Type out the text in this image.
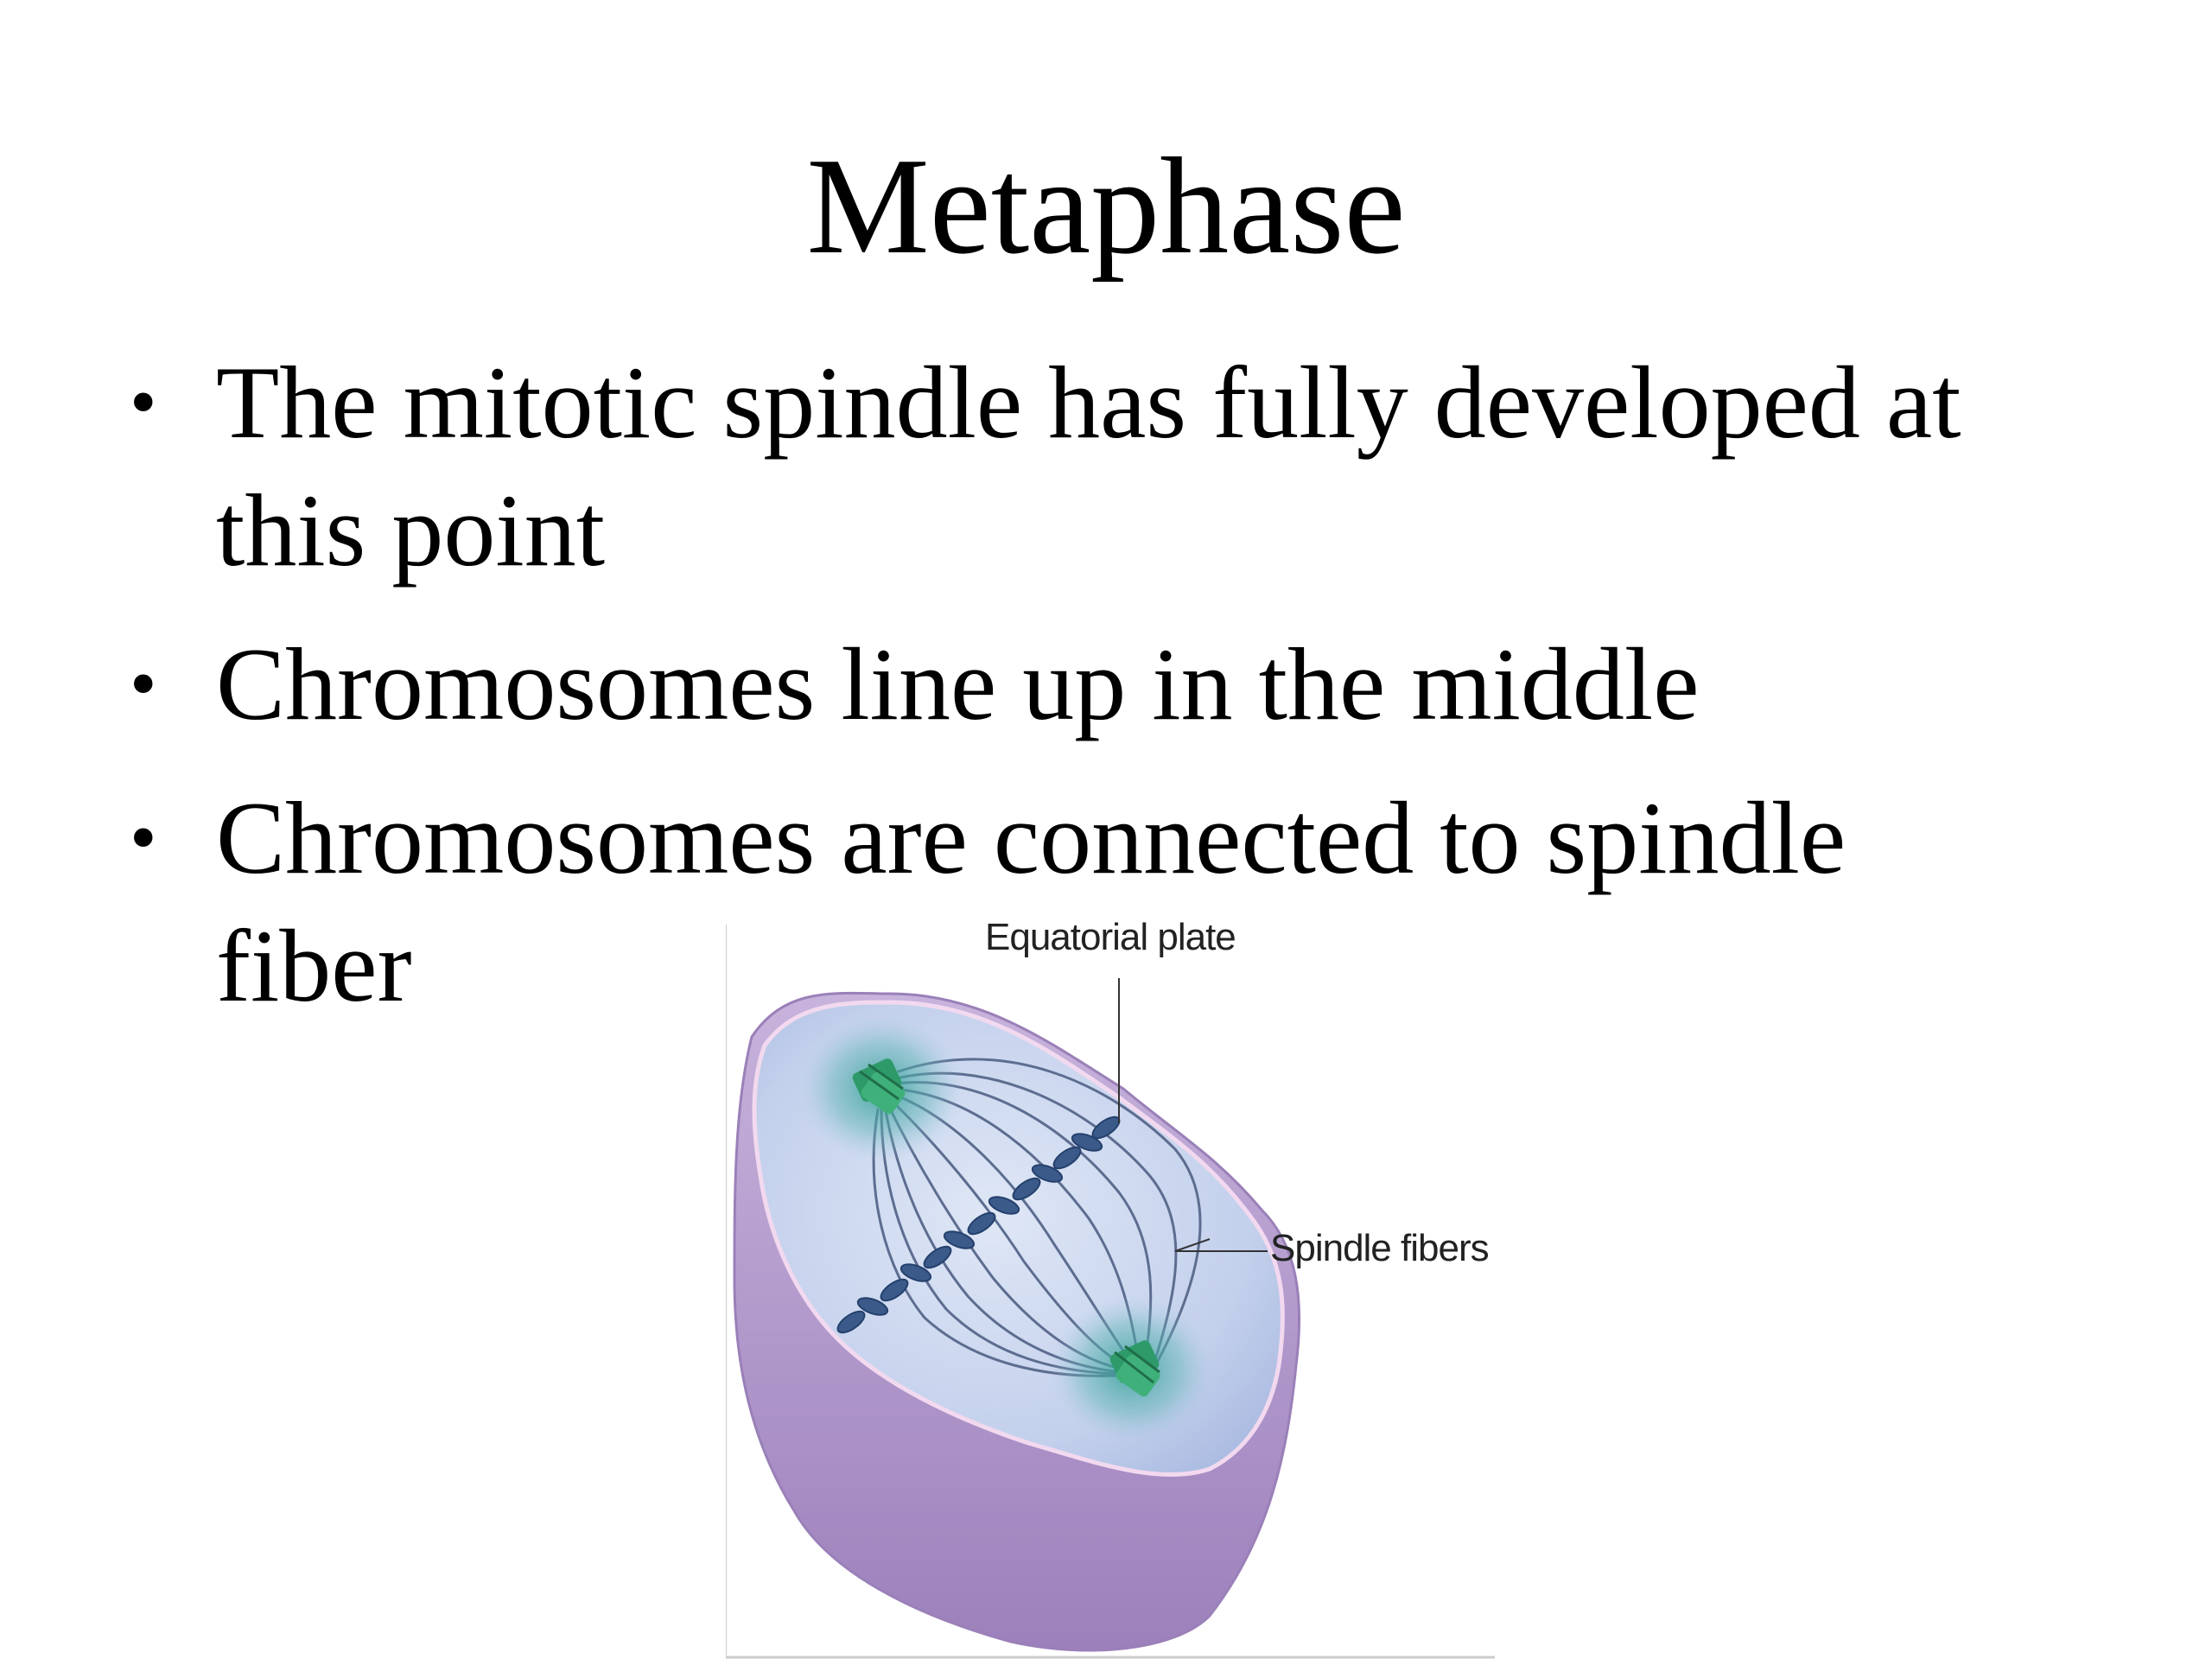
Metaphase
• The mitotic spindle has fully developed at this point
• Chromosomes line up in the middle
• Chromosomes are connected to spindle fiber	Equatorial plate
Spindle fibers
